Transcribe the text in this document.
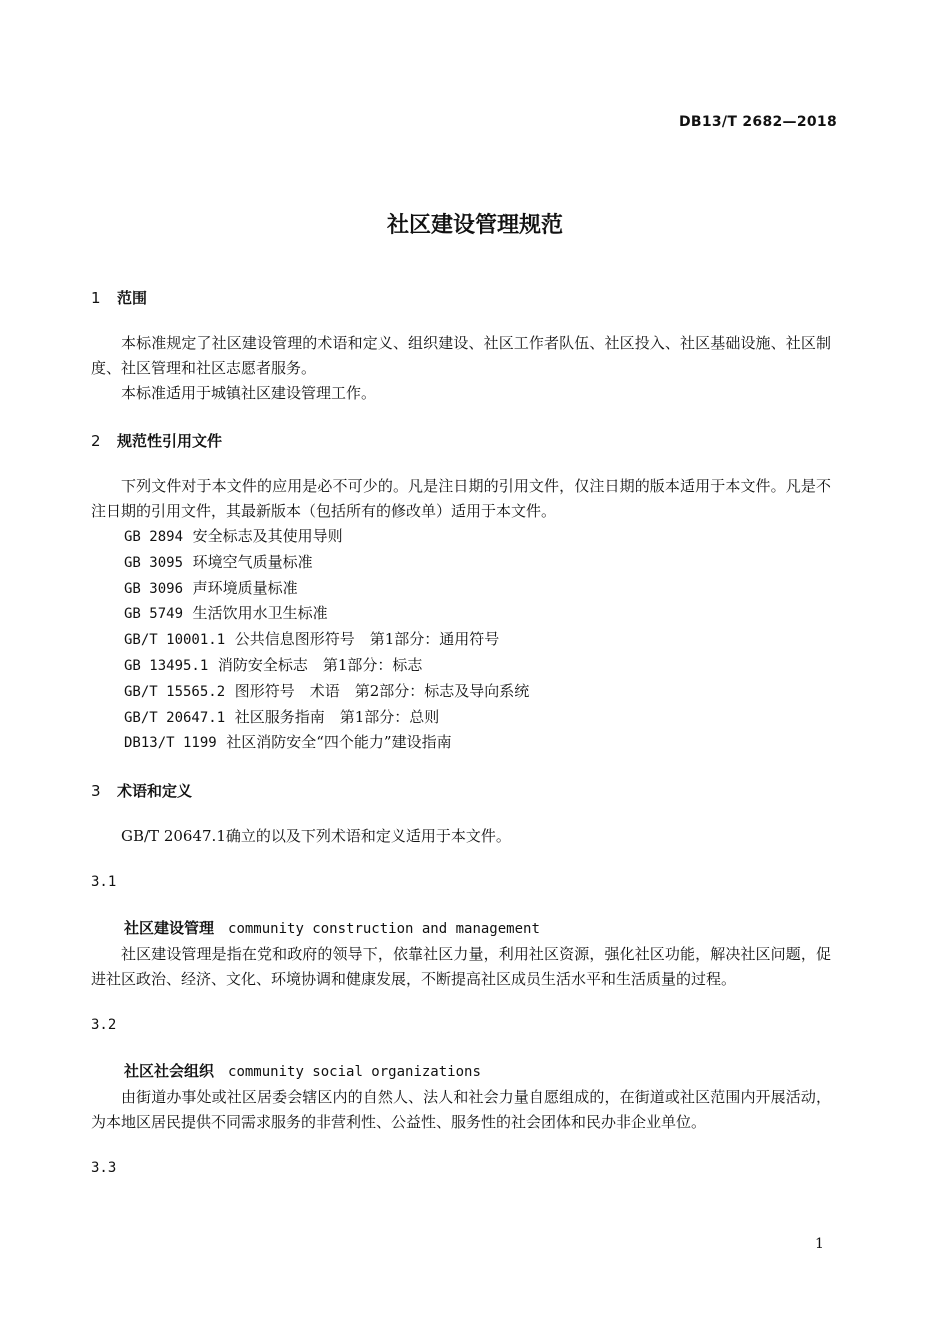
DB13/T 2682—2018
社区建设管理规范
1 范围

本标准规定了社区建设管理的术语和定义、组织建设、社区工作者队伍、社区投入、社区基础设施、社区制度、社区管理和社区志愿者服务。

本标准适用于城镇社区建设管理工作。

2 规范性引用文件

下列文件对于本文件的应用是必不可少的。凡是注日期的引用文件，仅注日期的版本适用于本文件。凡是不注日期的引用文件，其最新版本（包括所有的修改单）适用于本文件。

GB 2894 安全标志及其使用导则
GB 3095 环境空气质量标准
GB 3096 声环境质量标准
GB 5749 生活饮用水卫生标准
GB/T 10001.1 公共信息图形符号　第1部分：通用符号
GB 13495.1 消防安全标志　第1部分：标志
GB/T 15565.2 图形符号　术语　第2部分：标志及导向系统
GB/T 20647.1 社区服务指南　第1部分：总则
DB13/T 1199 社区消防安全“四个能力”建设指南
3 术语和定义

GB/T 20647.1确立的以及下列术语和定义适用于本文件。

3.1
社区建设管理 community construction and management

社区建设管理是指在党和政府的领导下，依靠社区力量，利用社区资源，强化社区功能，解决社区问题，促进社区政治、经济、文化、环境协调和健康发展，不断提高社区成员生活水平和生活质量的过程。

3.2
社区社会组织 community social organizations

由街道办事处或社区居委会辖区内的自然人、法人和社会力量自愿组成的，在街道或社区范围内开展活动，为本地区居民提供不同需求服务的非营利性、公益性、服务性的社会团体和民办非企业单位。

3.3
1
